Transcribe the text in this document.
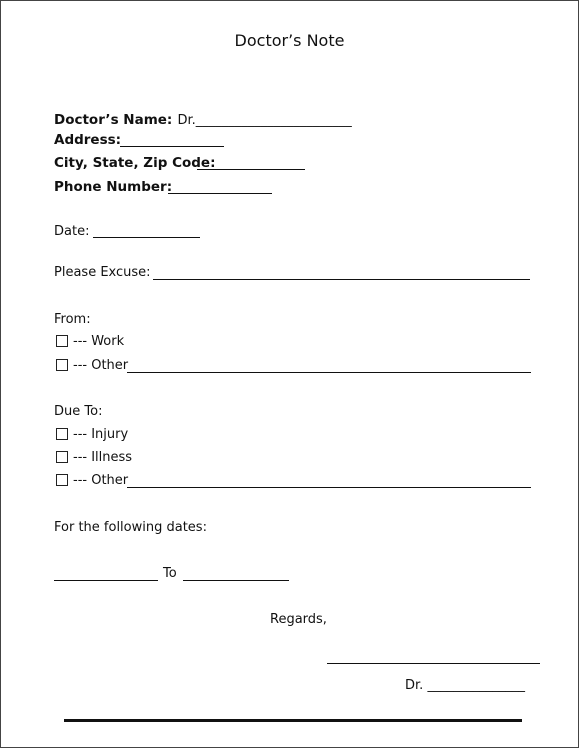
Doctor’s Note
Doctor’s Name: Dr.________________________
Address:
City, State, Zip Code:
Phone Number:
Date:
Please Excuse:
From:
--- Work
--- Other
Due To:
--- Injury
--- Illness
--- Other
For the following dates:
To
Regards,
Dr. _______________
